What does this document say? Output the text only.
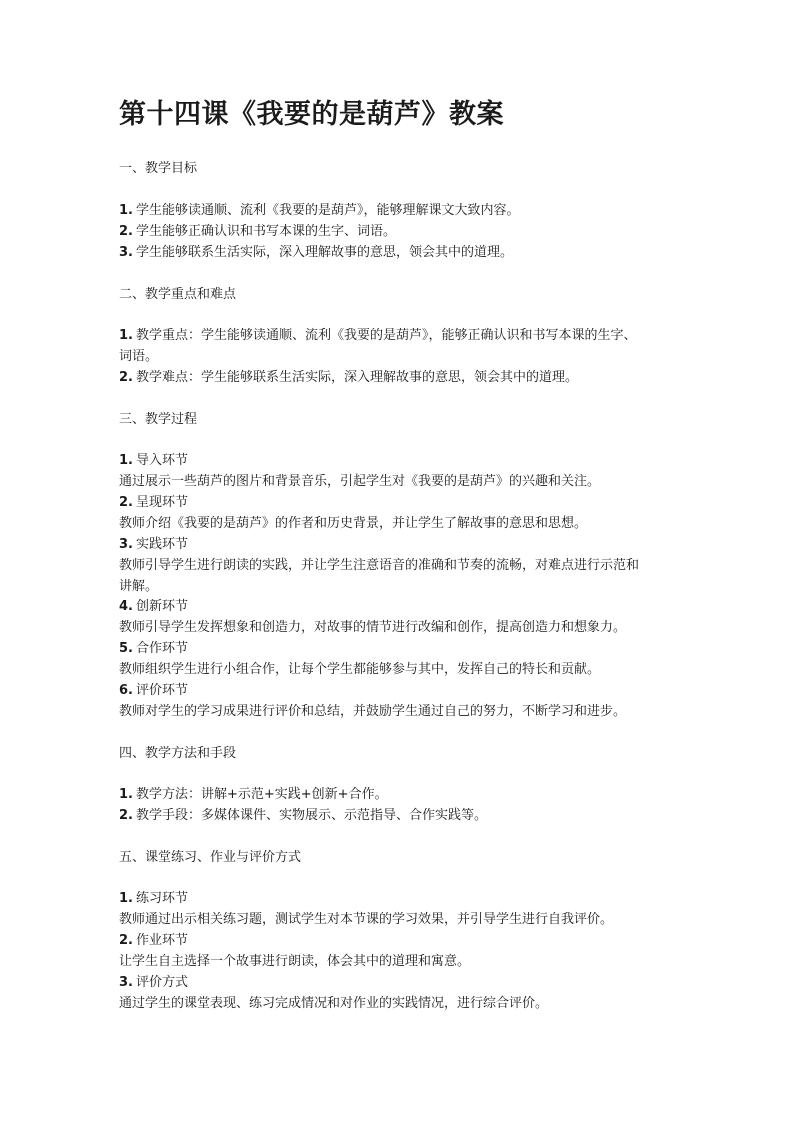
第十四课《我要的是葫芦》教案
一、教学目标
1. 学生能够读通顺、流利《我要的是葫芦》，能够理解课文大致内容。
2. 学生能够正确认识和书写本课的生字、词语。
3. 学生能够联系生活实际，深入理解故事的意思，领会其中的道理。
二、教学重点和难点
1. 教学重点：学生能够读通顺、流利《我要的是葫芦》，能够正确认识和书写本课的生字、
词语。
2. 教学难点：学生能够联系生活实际，深入理解故事的意思，领会其中的道理。
三、教学过程
1. 导入环节
通过展示一些葫芦的图片和背景音乐，引起学生对《我要的是葫芦》的兴趣和关注。
2. 呈现环节
教师介绍《我要的是葫芦》的作者和历史背景，并让学生了解故事的意思和思想。
3. 实践环节
教师引导学生进行朗读的实践，并让学生注意语音的准确和节奏的流畅，对难点进行示范和
讲解。
4. 创新环节
教师引导学生发挥想象和创造力，对故事的情节进行改编和创作，提高创造力和想象力。
5. 合作环节
教师组织学生进行小组合作，让每个学生都能够参与其中，发挥自己的特长和贡献。
6. 评价环节
教师对学生的学习成果进行评价和总结，并鼓励学生通过自己的努力，不断学习和进步。
四、教学方法和手段
1. 教学方法：讲解+示范+实践+创新+合作。
2. 教学手段：多媒体课件、实物展示、示范指导、合作实践等。
五、课堂练习、作业与评价方式
1. 练习环节
教师通过出示相关练习题，测试学生对本节课的学习效果，并引导学生进行自我评价。
2. 作业环节
让学生自主选择一个故事进行朗读，体会其中的道理和寓意。
3. 评价方式
通过学生的课堂表现、练习完成情况和对作业的实践情况，进行综合评价。
